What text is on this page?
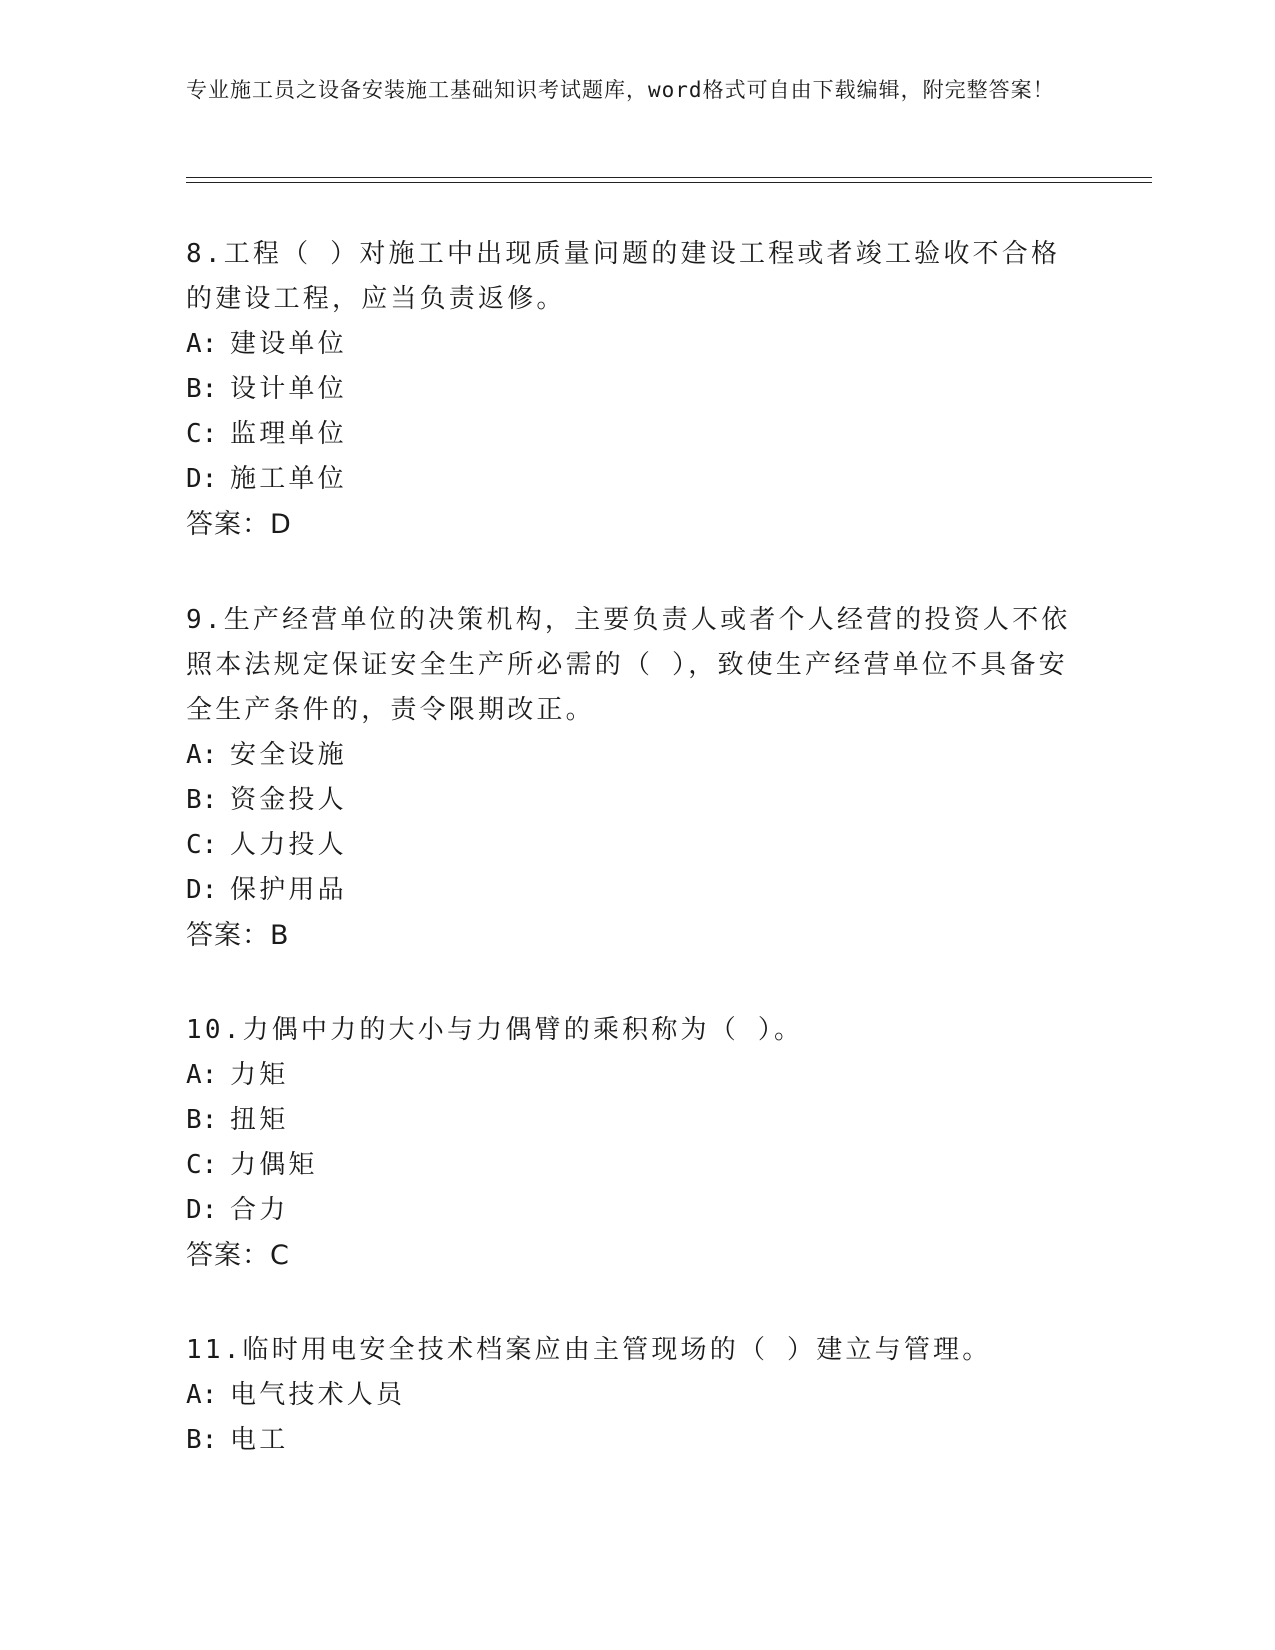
专业施工员之设备安装施工基础知识考试题库，word格式可自由下载编辑，附完整答案！

8.工程（ ）对施工中出现质量问题的建设工程或者竣工验收不合格的建设工程，应当负责返修。

A: 建设单位

B: 设计单位

C: 监理单位

D: 施工单位

答案：D

9.生产经营单位的决策机构，主要负责人或者个人经营的投资人不依照本法规定保证安全生产所必需的（ ），致使生产经营单位不具备安全生产条件的，责令限期改正。

A: 安全设施

B: 资金投人

C: 人力投人

D: 保护用品

答案：B

10.力偶中力的大小与力偶臂的乘积称为（ ）。

A: 力矩

B: 扭矩

C: 力偶矩

D: 合力

答案：C

11.临时用电安全技术档案应由主管现场的（ ）建立与管理。

A: 电气技术人员

B: 电工
